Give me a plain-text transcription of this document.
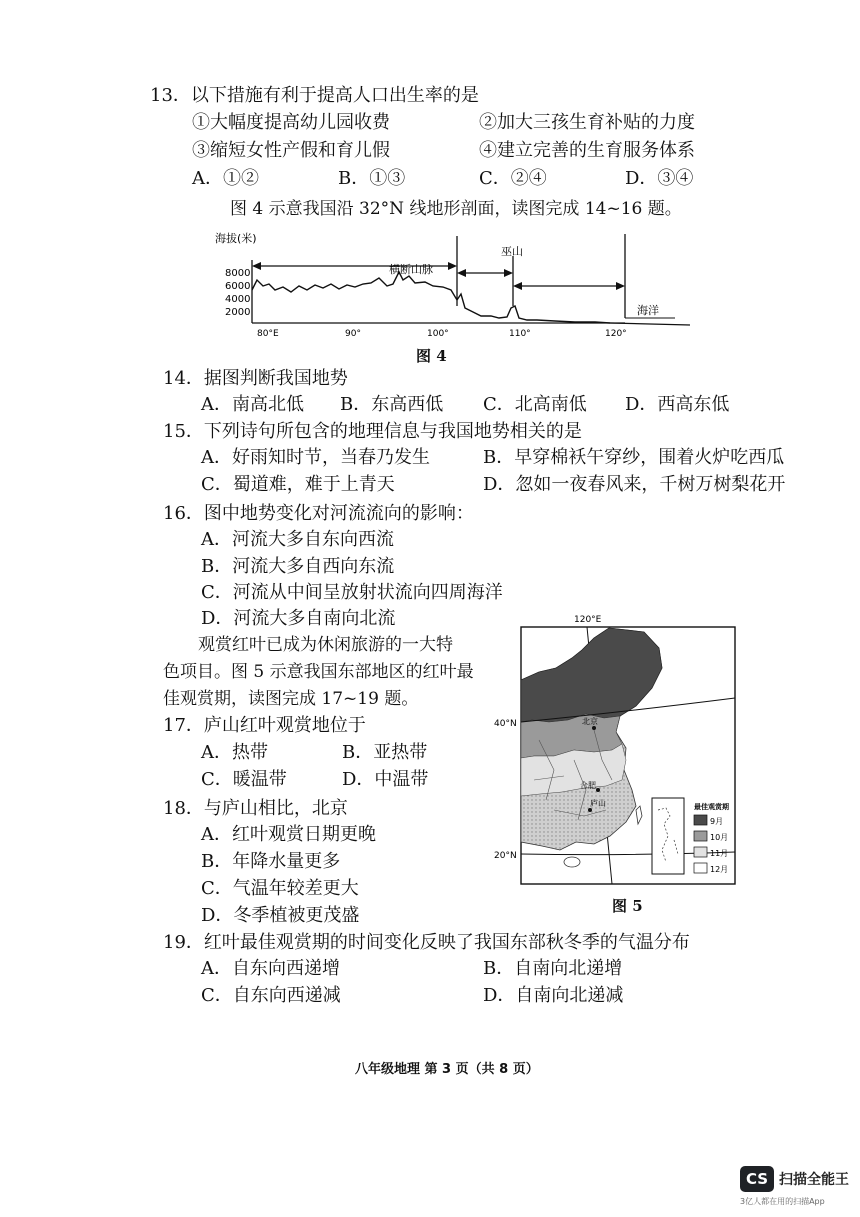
13．以下措施有利于提高人口出生率的是
①大幅度提高幼儿园收费	②加大三孩生育补贴的力度
③缩短女性产假和育儿假	④建立完善的生育服务体系
A．①②	B．①③	C．②④	D．③④
图 4 示意我国沿 32°N 线地形剖面，读图完成 14~16 题。
海拔(米)
8000
6000
4000
2000
横断山脉
巫山
海洋
80°E	90°	100°	110°	120°
图 4
14．据图判断我国地势
A．南高北低 B．东高西低 C．北高南低 D．西高东低
15．下列诗句所包含的地理信息与我国地势相关的是
A．好雨知时节，当春乃发生	B．早穿棉袄午穿纱，围着火炉吃西瓜
C．蜀道难，难于上青天	D．忽如一夜春风来，千树万树梨花开
16．图中地势变化对河流流向的影响：
A．河流大多自东向西流
B．河流大多自西向东流
C．河流从中间呈放射状流向四周海洋
D．河流大多自南向北流
观赏红叶已成为休闲旅游的一大特
色项目。图 5 示意我国东部地区的红叶最
佳观赏期，读图完成 17~19 题。
17．庐山红叶观赏地位于
A．热带	B．亚热带
C．暖温带	D．中温带
18．与庐山相比，北京
A．红叶观赏日期更晚
B．年降水量更多
C．气温年较差更大
D．冬季植被更茂盛
120°E
40°N
20°N
北京
合肥
庐山	最佳观赏期
9月
10月
11月
12月
图 5
19．红叶最佳观赏期的时间变化反映了我国东部秋冬季的气温分布
A．自东向西递增	B．自南向北递增
C．自东向西递减	D．自南向北递减
八年级地理 第 3 页（共 8 页）
CS 扫描全能王
3亿人都在用的扫描App
